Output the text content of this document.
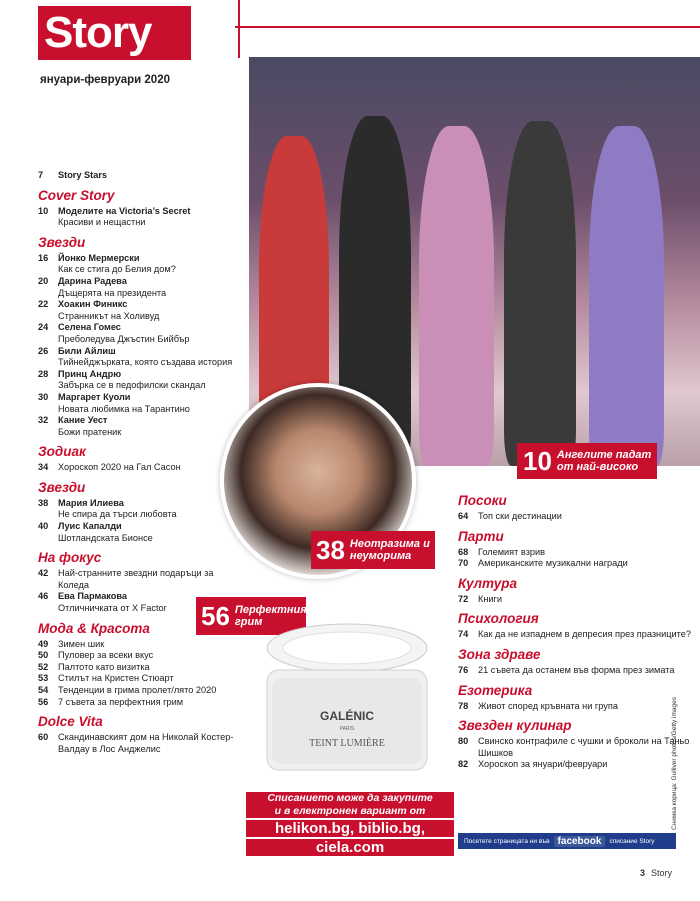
Story
януари-февруари 2020
10 Ангелите падат от най-високо
38 Неотразима и неуморима
56 Перфектният грим
GALÉNIC
PARIS
TEINT LUMIÈRE
Списанието може да закупите
и в електронен вариант от
helikon.bg, biblio.bg,
ciela.com
7	Story Stars
Cover Story
10	Моделите на Victoria’s Secret
Красиви и нещастни
Звезди
16	Йонко Мермерски
Как се стига до Белия дом?
20	Дарина Радева
Дъщерята на президента
22	Хоакин Финикс
Странникът на Холивуд
24	Селена Гомес
Преболедува Джъстин Бийбър
26	Били Айлиш
Тийнейджърката, която създава история
28	Принц Андрю
Забърка се в педофилски скандал
30	Маргарет Куоли
Новата любимка на Тарантино
32	Кание Уест
Божи пратеник
Зодиак
34	Хороскоп 2020 на Гал Сасон
Звезди
38	Мария Илиева
Не спира да търси любовта
40	Луис Капалди
Шотландската Бионсе
На фокус
42	Най-странните звездни подаръци за Коледа
46	Ева Пармакова
Отличничката от X Factor
Мода & Красота
49	Зимен шик
50	Пуловер за всеки вкус
52	Палтото като визитка
53	Стилът на Кристен Стюарт
54	Тенденции в грима пролет/лято 2020
56	7 съвета за перфектния грим
Dolce Vita
60	Скандинавският дом на Николай Костер-Валдау в Лос Анджелис
Посоки
64	Топ ски дестинации
Парти
68	Големият взрив
70	Американските музикални награди
Култура
72	Книги
Психология
74	Как да не изпаднем в депресия през празниците?
Зона здраве
76	21 съвета да останем във форма през зимата
Езотерика
78	Живот според кръвната ни група
Звезден кулинар
80	Свинско контрафиле с чушки и броколи на Таньо Шишков
82	Хороскоп за януари/февруари	Снимка корица: Gulliver photos/Getty images
Посетете страницата ни във facebook	списание Story
3 Story
